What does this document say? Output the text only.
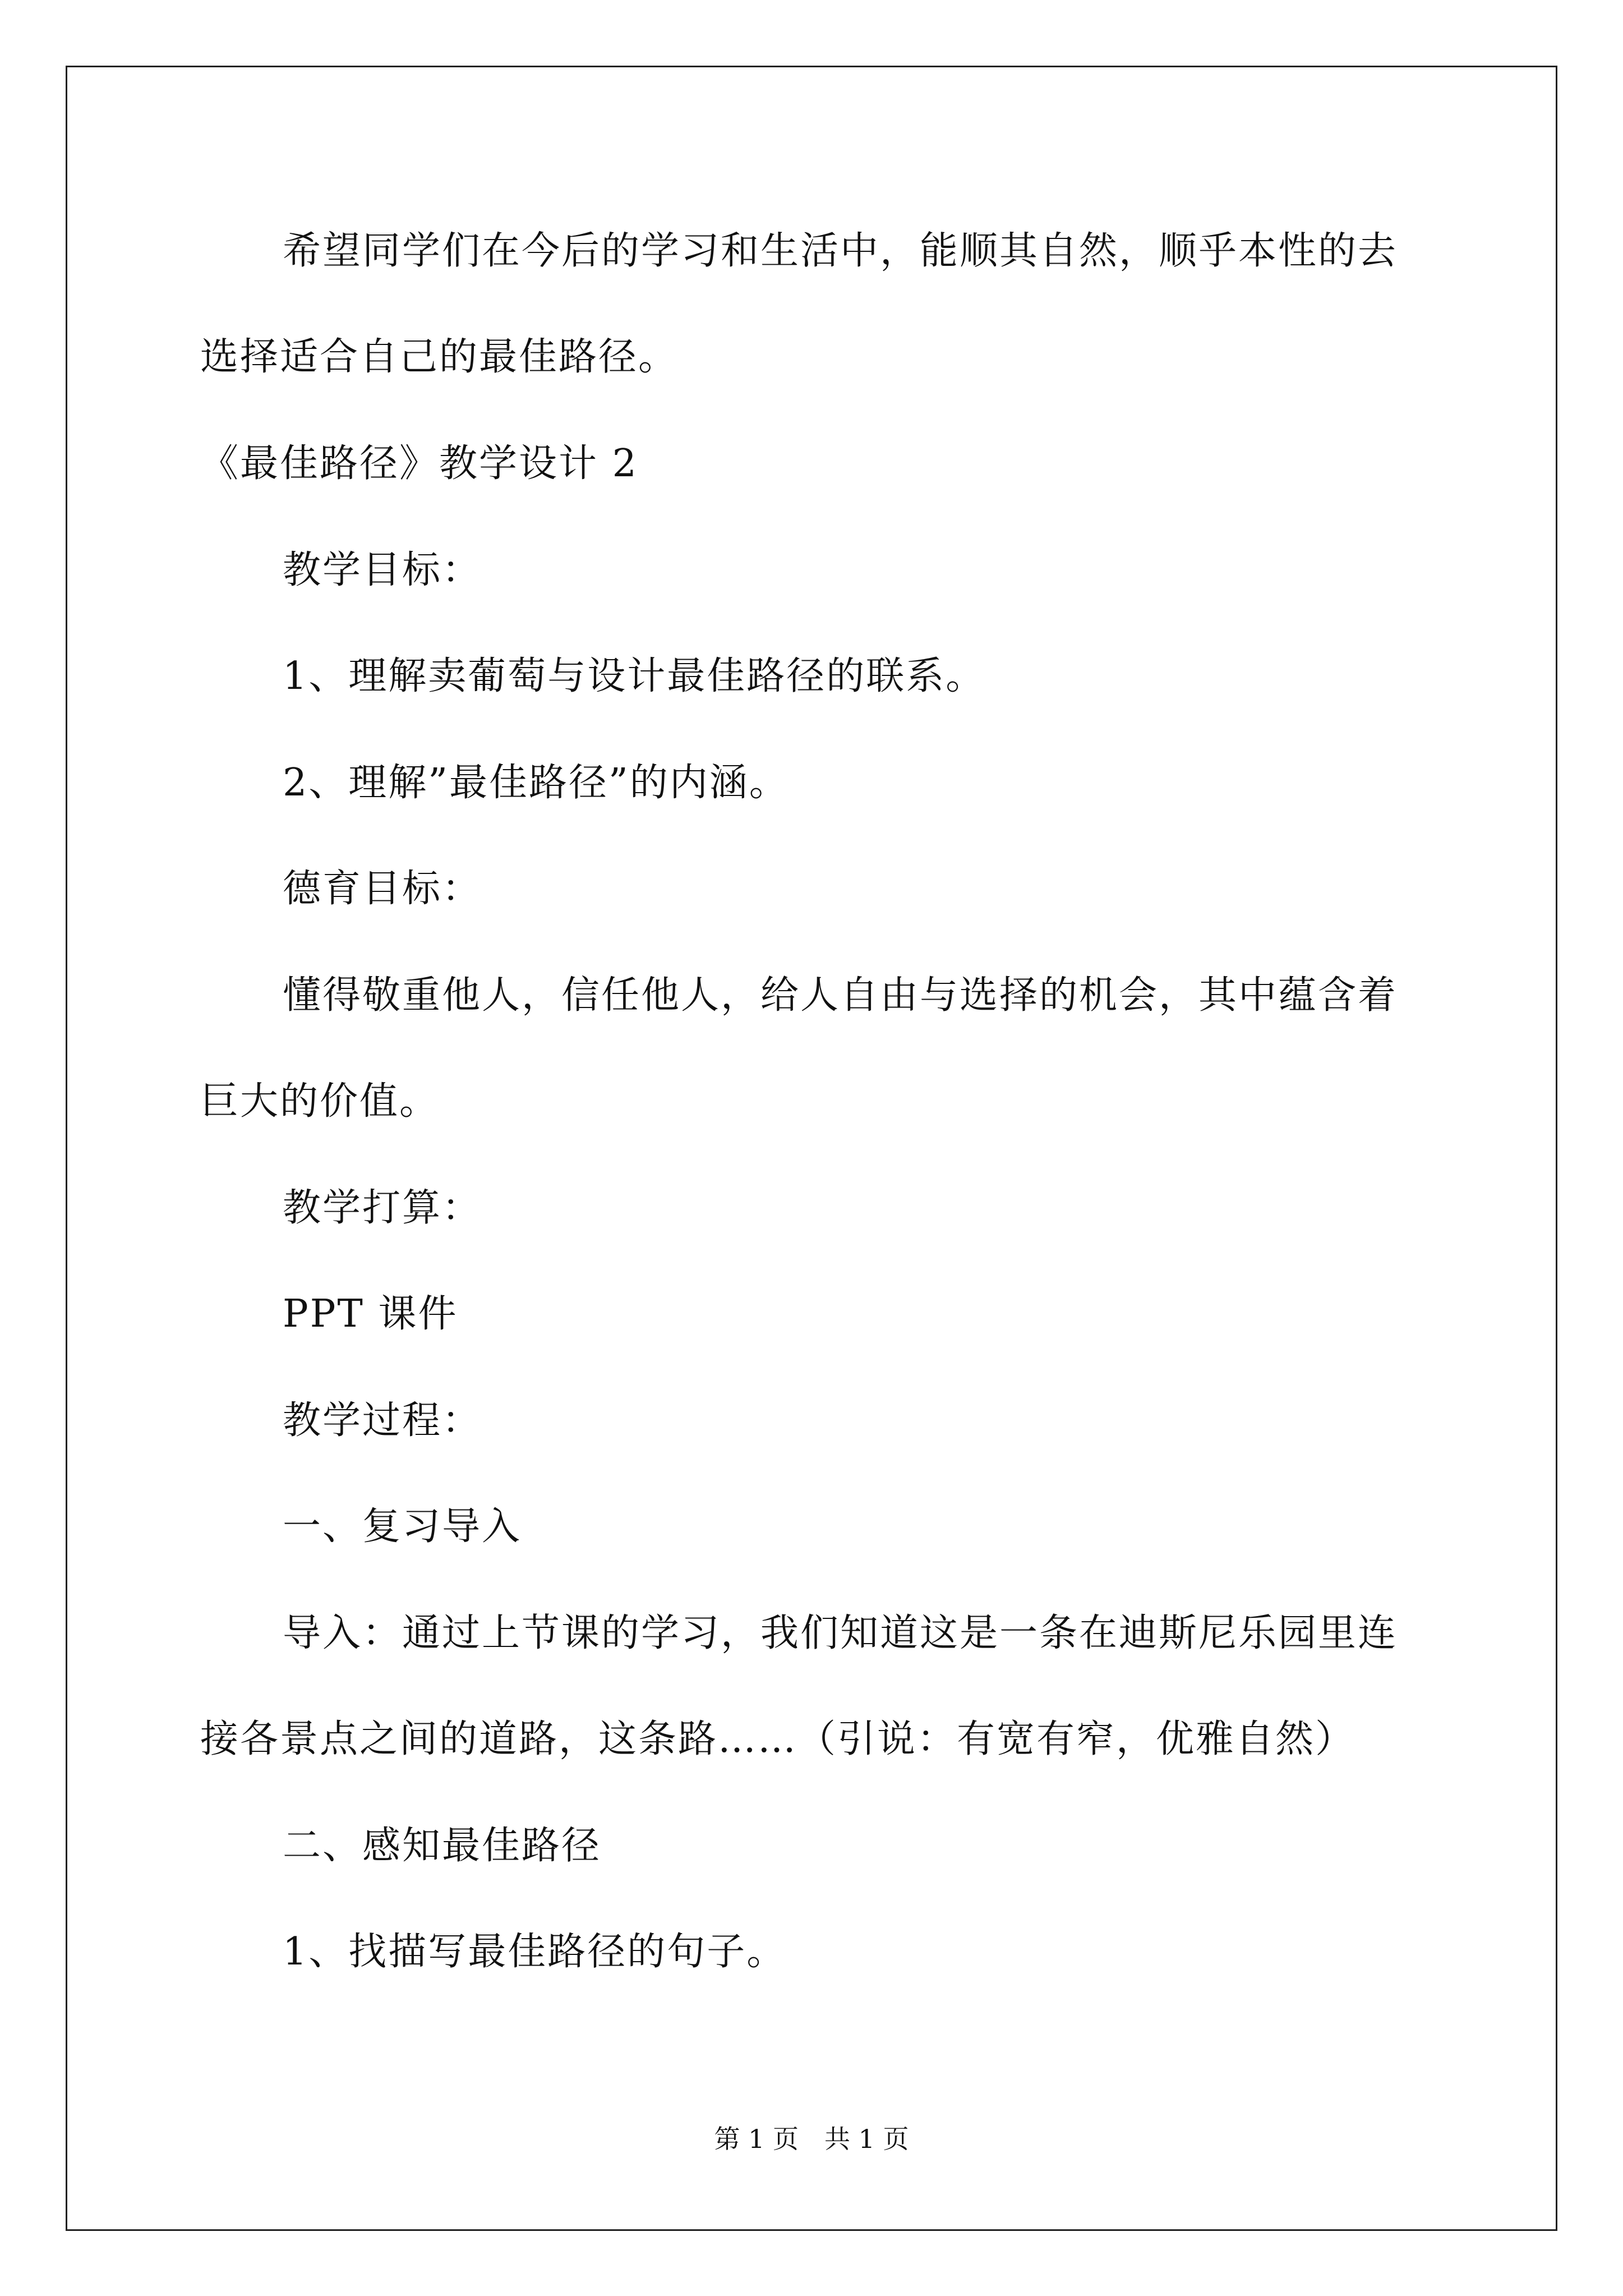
希望同学们在今后的学习和生活中，能顺其自然，顺乎本性的去
选择适合自己的最佳路径。
《最佳路径》教学设计 2
教学目标：
1、理解卖葡萄与设计最佳路径的联系。
2、理解”最佳路径”的内涵。
德育目标：
懂得敬重他人，信任他人，给人自由与选择的机会，其中蕴含着
巨大的价值。
教学打算：
PPT 课件
教学过程：
一、复习导入
导入：通过上节课的学习，我们知道这是一条在迪斯尼乐园里连
接各景点之间的道路，这条路……（引说：有宽有窄，优雅自然）
二、感知最佳路径
1、找描写最佳路径的句子。
第 1 页　共 1 页
